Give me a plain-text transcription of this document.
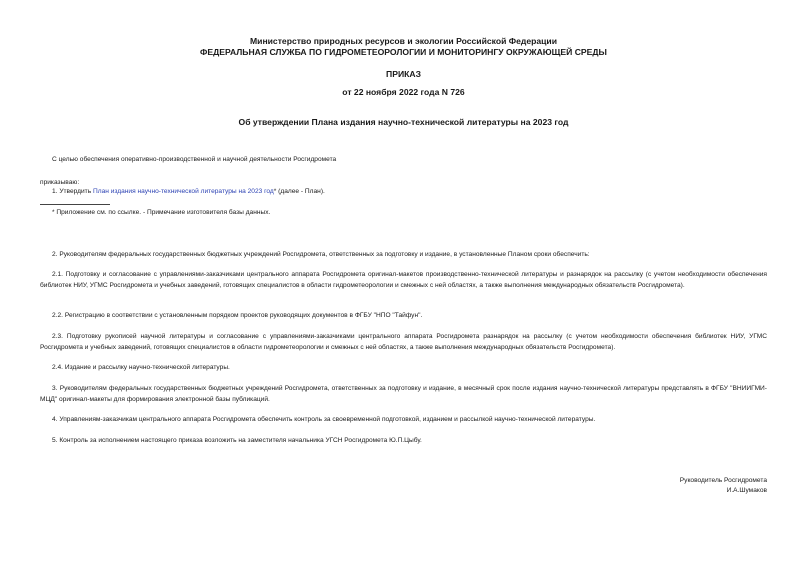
Министерство природных ресурсов и экологии Российской Федерации
ФЕДЕРАЛЬНАЯ СЛУЖБА ПО ГИДРОМЕТЕОРОЛОГИИ И МОНИТОРИНГУ ОКРУЖАЮЩЕЙ СРЕДЫ
ПРИКАЗ
от 22 ноября 2022 года N 726
Об утверждении Плана издания научно-технической литературы на 2023 год
С целью обеспечения оперативно-производственной и научной деятельности Росгидромета
приказываю:
1. Утвердить План издания научно-технической литературы на 2023 год* (далее - План).
* Приложение см. по ссылке. - Примечание изготовителя базы данных.
2. Руководителям федеральных государственных бюджетных учреждений Росгидромета, ответственных за подготовку и издание, в установленные Планом сроки обеспечить:
2.1. Подготовку и согласование с управлениями-заказчиками центрального аппарата Росгидромета оригинал-макетов производственно-технической литературы и разнарядок на рассылку (с учетом необходимости обеспечения библиотек НИУ, УГМС Росгидромета и учебных заведений, готовящих специалистов в области гидрометеорологии и смежных с ней областях, а также выполнения международных обязательств Росгидромета).
2.2. Регистрацию в соответствии с установленным порядком проектов руководящих документов в ФГБУ "НПО "Тайфун".
2.3. Подготовку рукописей научной литературы и согласование с управлениями-заказчиками центрального аппарата Росгидромета разнарядок на рассылку (с учетом необходимости обеспечения библиотек НИУ, УГМС Росгидромета и учебных заведений, готовящих специалистов в области гидрометеорологии и смежных с ней областях, а также выполнения международных обязательств Росгидромета).
2.4. Издание и рассылку научно-технической литературы.
3. Руководителям федеральных государственных бюджетных учреждений Росгидромета, ответственных за подготовку и издание, в месячный срок после издания научно-технической литературы представлять в ФГБУ "ВНИИГМИ-МЦД" оригинал-макеты для формирования электронной базы публикаций.
4. Управлениям-заказчикам центрального аппарата Росгидромета обеспечить контроль за своевременной подготовкой, изданием и рассылкой научно-технической литературы.
5. Контроль за исполнением настоящего приказа возложить на заместителя начальника УГСН Росгидромета Ю.П.Цыбу.
Руководитель Росгидромета
И.А.Шумаков
